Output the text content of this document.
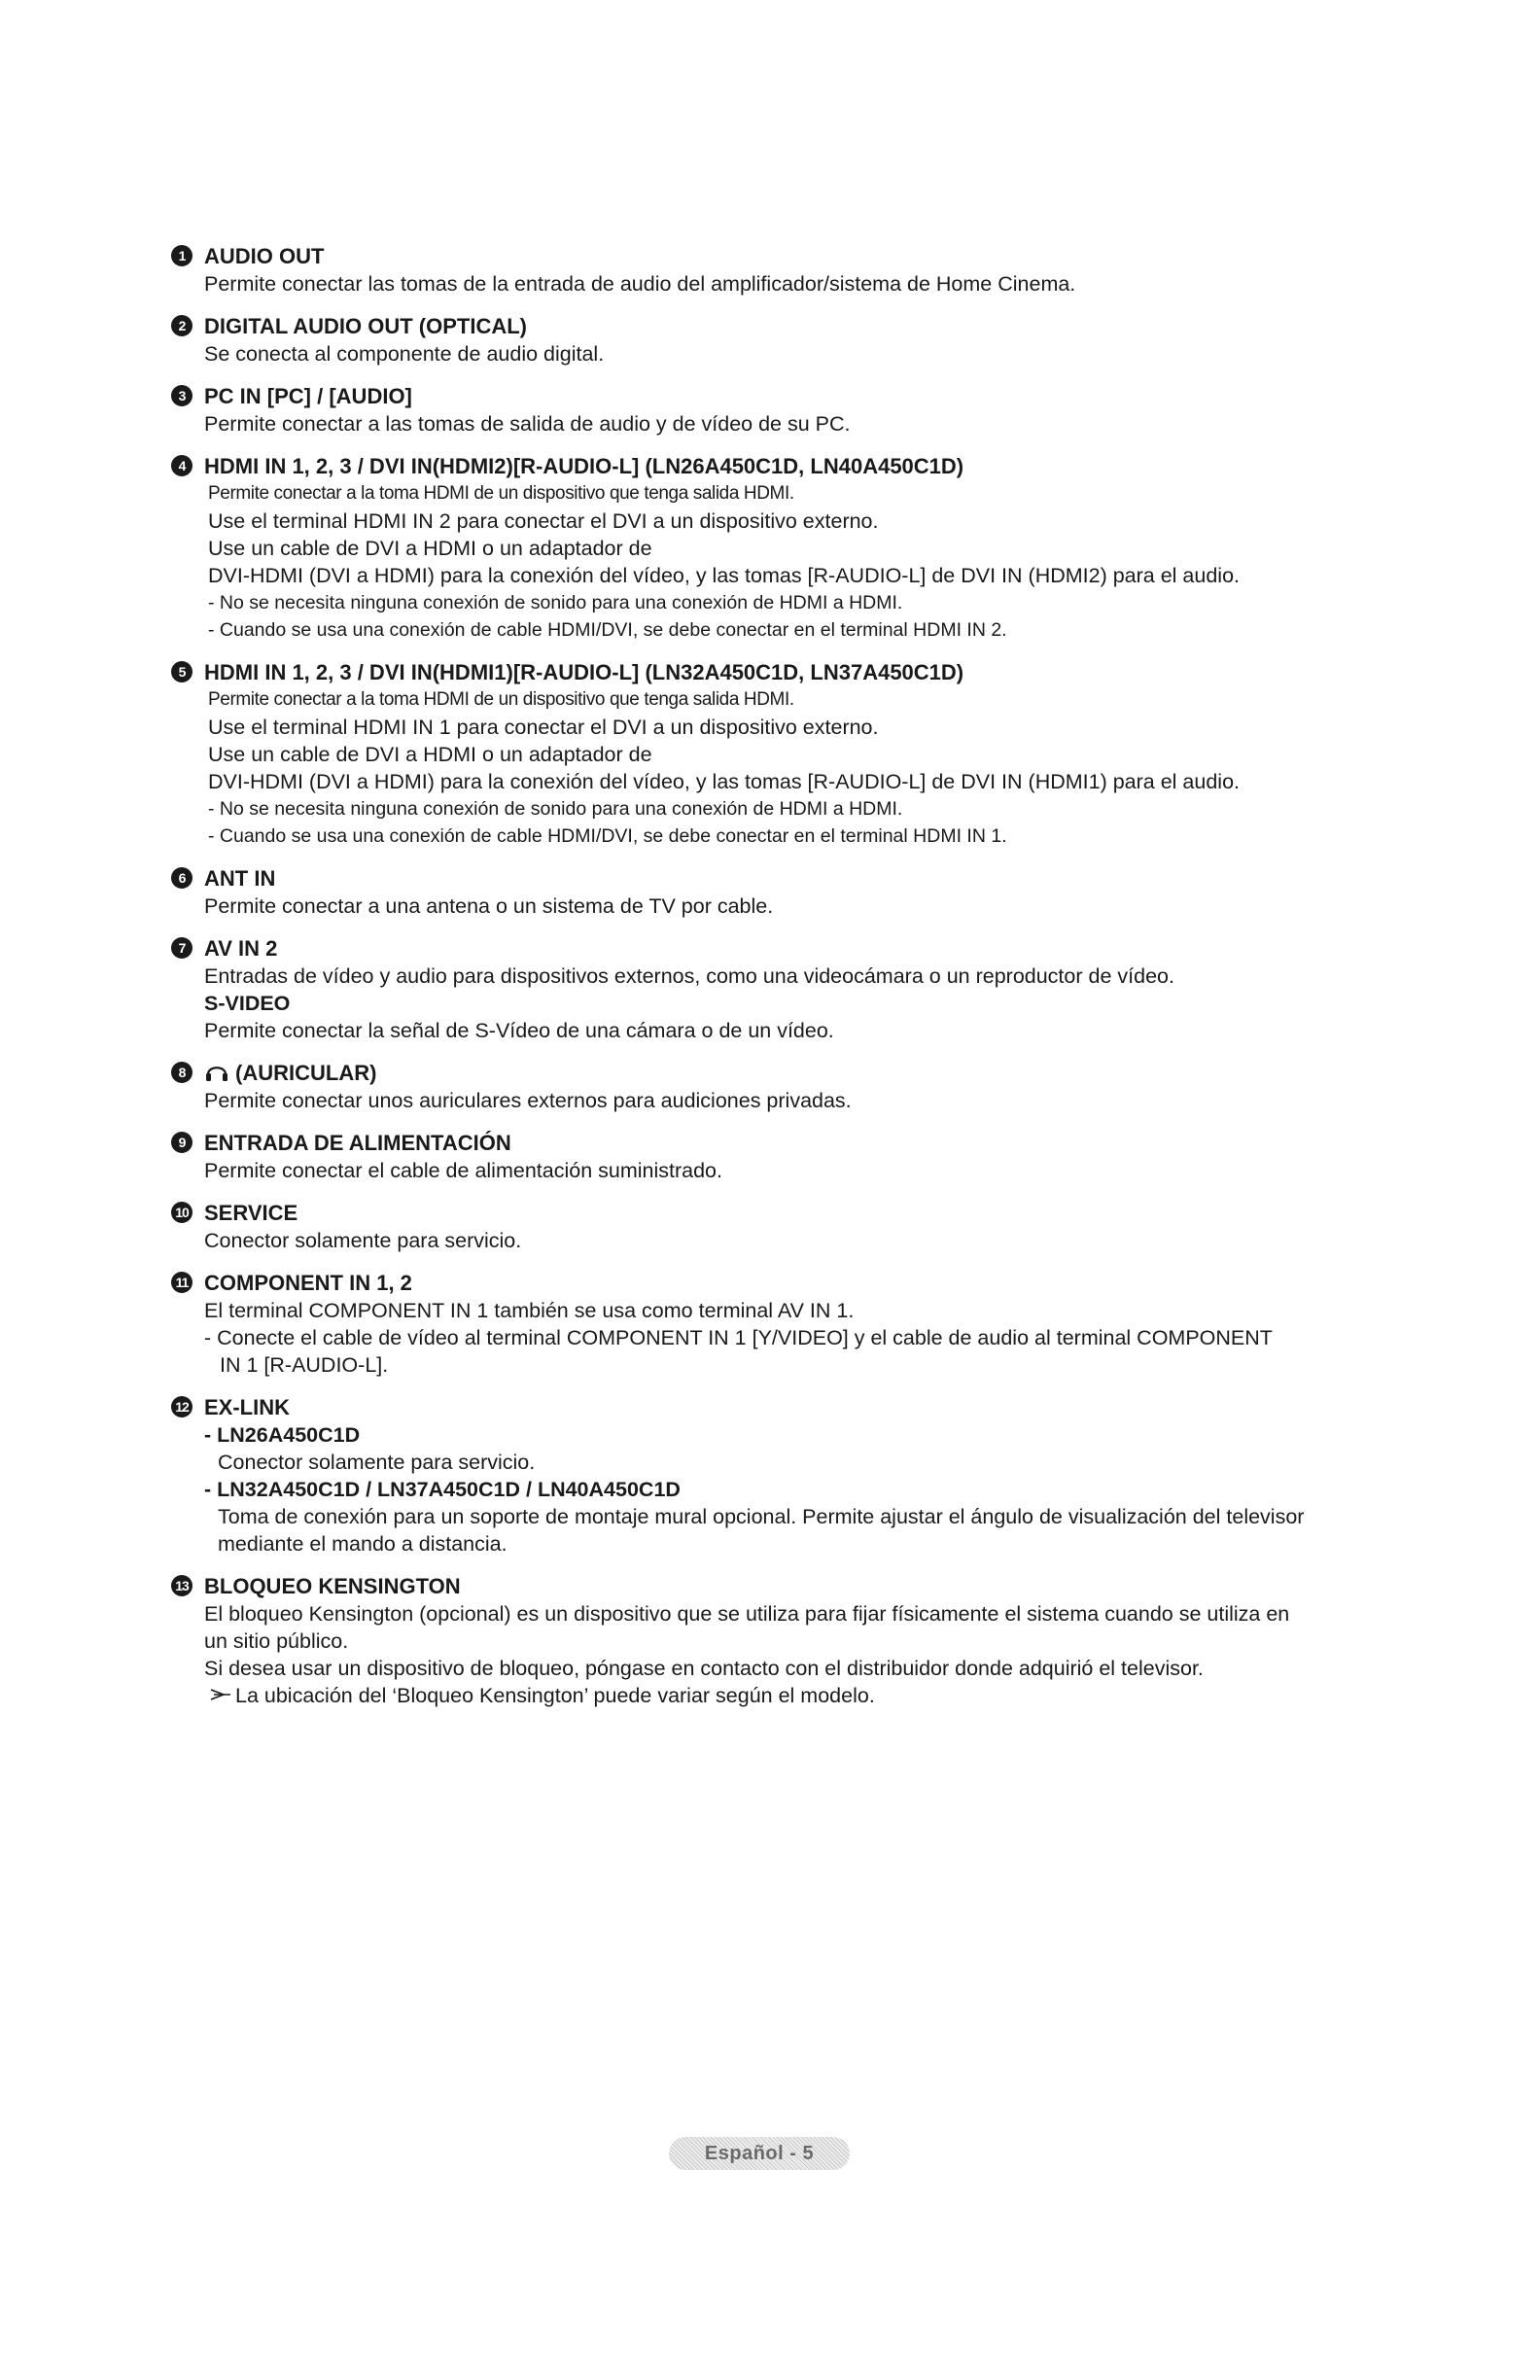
1 AUDIO OUT

Permite conectar las tomas de la entrada de audio del amplificador/sistema de Home Cinema.

2 DIGITAL AUDIO OUT (OPTICAL)

Se conecta al componente de audio digital.

3 PC IN [PC] / [AUDIO]

Permite conectar a las tomas de salida de audio y de vídeo de su PC.

4 HDMI IN 1, 2, 3 / DVI IN(HDMI2)[R-AUDIO-L] (LN26A450C1D, LN40A450C1D)

Permite conectar a la toma HDMI de un dispositivo que tenga salida HDMI.

Use el terminal HDMI IN 2 para conectar el DVI a un dispositivo externo.

Use un cable de DVI a HDMI o un adaptador de

DVI-HDMI (DVI a HDMI) para la conexión del vídeo, y las tomas [R-AUDIO-L] de DVI IN (HDMI2) para el audio.

- No se necesita ninguna conexión de sonido para una conexión de HDMI a HDMI.

- Cuando se usa una conexión de cable HDMI/DVI, se debe conectar en el terminal HDMI IN 2.

5 HDMI IN 1, 2, 3 / DVI IN(HDMI1)[R-AUDIO-L] (LN32A450C1D, LN37A450C1D)

Permite conectar a la toma HDMI de un dispositivo que tenga salida HDMI.

Use el terminal HDMI IN 1 para conectar el DVI a un dispositivo externo.

Use un cable de DVI a HDMI o un adaptador de

DVI-HDMI (DVI a HDMI) para la conexión del vídeo, y las tomas [R-AUDIO-L] de DVI IN (HDMI1) para el audio.

- No se necesita ninguna conexión de sonido para una conexión de HDMI a HDMI.

- Cuando se usa una conexión de cable HDMI/DVI, se debe conectar en el terminal HDMI IN 1.

6 ANT IN

Permite conectar a una antena o un sistema de TV por cable.

7 AV IN 2

Entradas de vídeo y audio para dispositivos externos, como una videocámara o un reproductor de vídeo.

S-VIDEO

Permite conectar la señal de S-Vídeo de una cámara o de un vídeo.

8	(AURICULAR)

Permite conectar unos auriculares externos para audiciones privadas.

9 ENTRADA DE ALIMENTACIÓN

Permite conectar el cable de alimentación suministrado.

10 SERVICE

Conector solamente para servicio.

11 COMPONENT IN 1, 2

El terminal COMPONENT IN 1 también se usa como terminal AV IN 1.

- Conecte el cable de vídeo al terminal COMPONENT IN 1 [Y/VIDEO] y el cable de audio al terminal COMPONENT

IN 1 [R-AUDIO-L].

12 EX-LINK

- LN26A450C1D

Conector solamente para servicio.

- LN32A450C1D / LN37A450C1D / LN40A450C1D

Toma de conexión para un soporte de montaje mural opcional. Permite ajustar el ángulo de visualización del televisor

mediante el mando a distancia.

13 BLOQUEO KENSINGTON

El bloqueo Kensington (opcional) es un dispositivo que se utiliza para fijar físicamente el sistema cuando se utiliza en

un sitio público.

Si desea usar un dispositivo de bloqueo, póngase en contacto con el distribuidor donde adquirió el televisor.

La ubicación del ‘Bloqueo Kensington’ puede variar según el modelo.

Español - 5
